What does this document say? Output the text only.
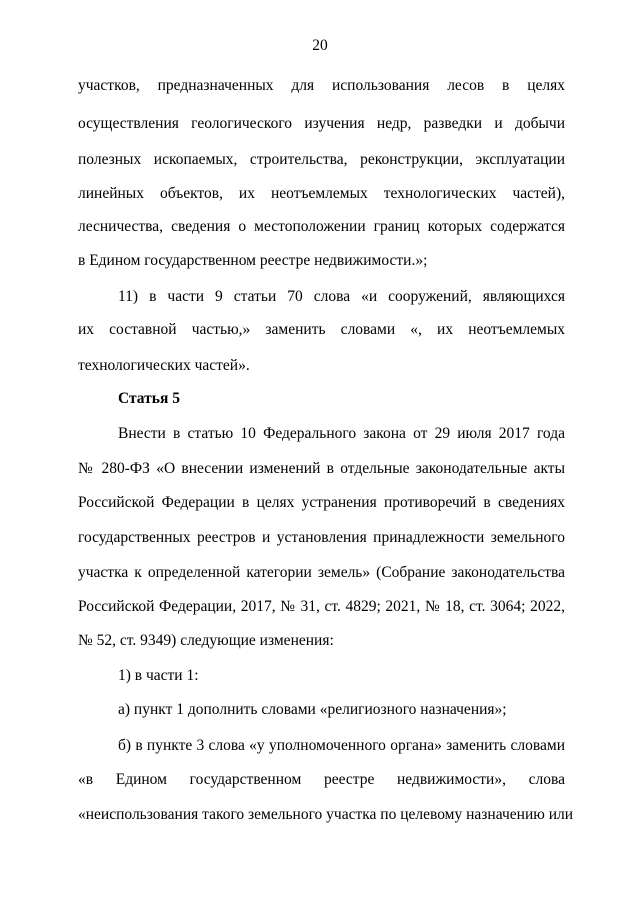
20
участков, предназначенных для использования лесов в целях
осуществления геологического изучения недр, разведки и добычи
полезных ископаемых, строительства, реконструкции, эксплуатации
линейных объектов, их неотъемлемых технологических частей),
лесничества, сведения о местоположении границ которых содержатся
в Едином государственном реестре недвижимости.»;
11) в части 9 статьи 70 слова «и сооружений, являющихся
их составной частью,» заменить словами «, их неотъемлемых
технологических частей».
Статья 5
Внести в статью 10 Федерального закона от 29 июля 2017 года
№ 280-ФЗ «О внесении изменений в отдельные законодательные акты
Российской Федерации в целях устранения противоречий в сведениях
государственных реестров и установления принадлежности земельного
участка к определенной категории земель» (Собрание законодательства
Российской Федерации, 2017, № 31, ст. 4829; 2021, № 18, ст. 3064; 2022,
№ 52, ст. 9349) следующие изменения:
1) в части 1:
а) пункт 1 дополнить словами «религиозного назначения»;
б) в пункте 3 слова «у уполномоченного органа» заменить словами
«в Едином государственном реестре недвижимости», слова
«неиспользования такого земельного участка по целевому назначению или
